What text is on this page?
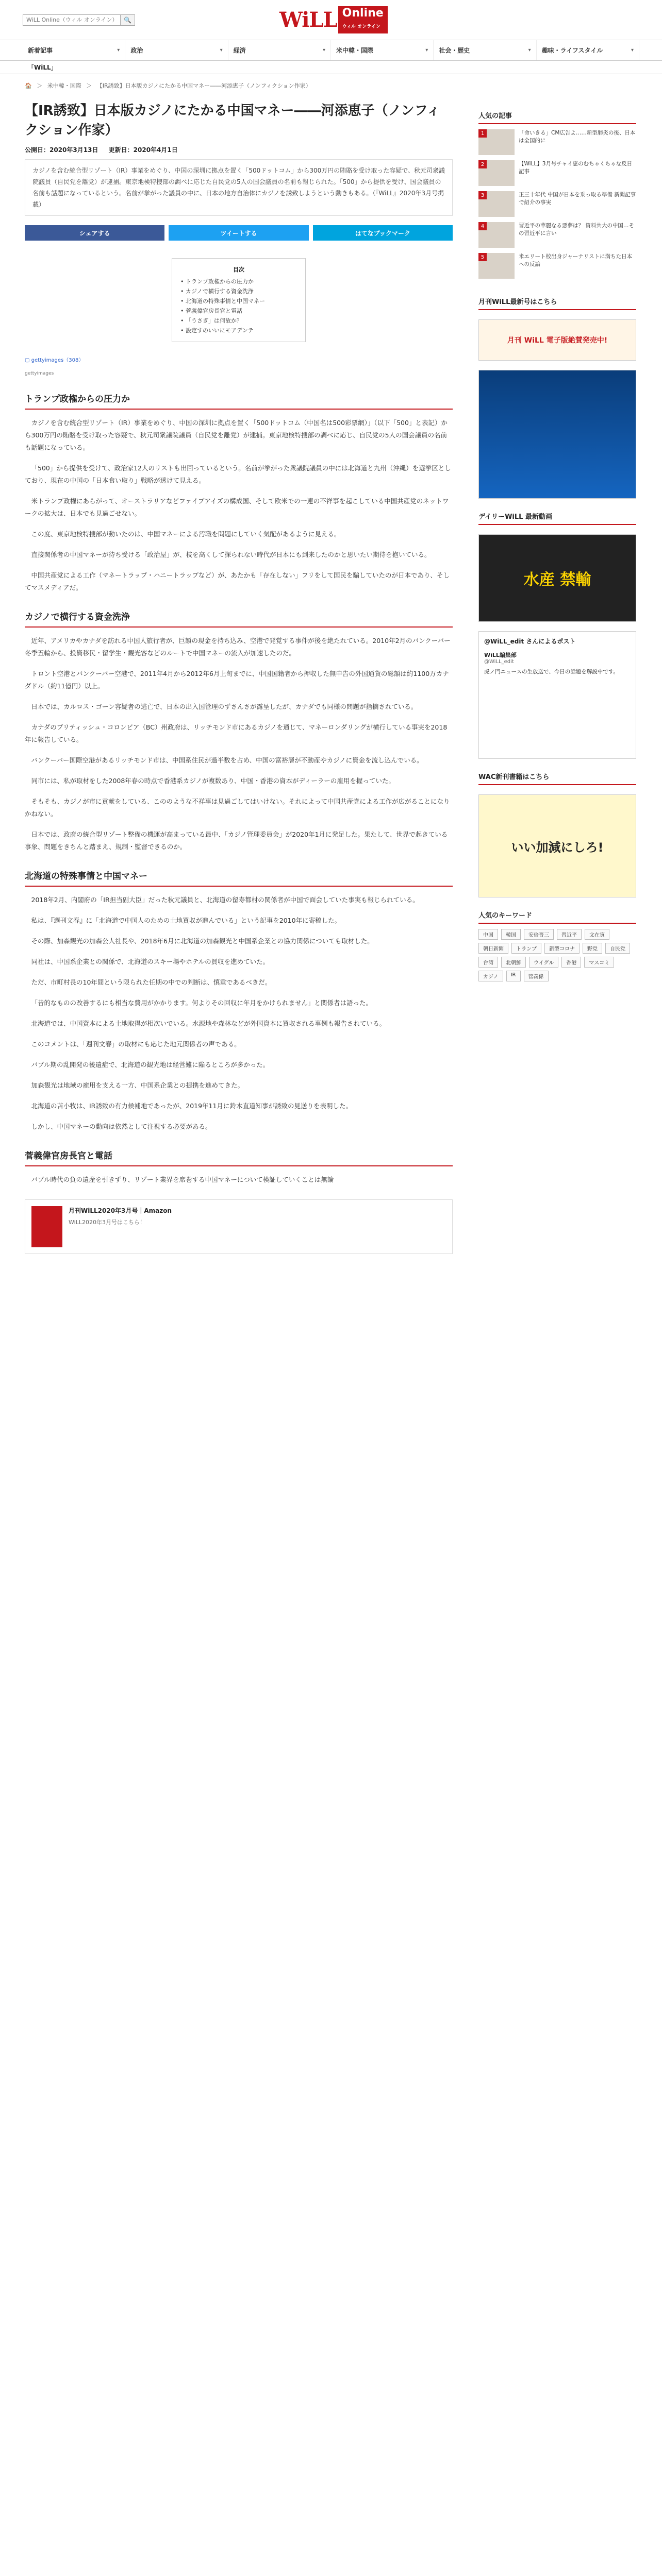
WiLL Online（ウィル オンライン）
🔍	WiLL Online
ウィル オンライン
新着記事	▾ 政治	▾ 経済	▾ 米中韓・国際	▾ 社会・歴史	▾ 趣味・ライフスタイル	▾
「WiLL」
🏠 ＞ 米中韓・国際 ＞ 【IR誘致】日本版カジノにたかる中国マネー――河添恵子（ノンフィクション作家）
【IR誘致】日本版カジノにたかる中国マネー――河添恵子（ノンフィクション作家）
公開日：2020年3月13日 更新日：2020年4月1日
カジノを含む統合型リゾート（IR）事業をめぐり、中国の深圳に拠点を置く「500ドットコム」から300万円の賄賂を受け取った容疑で、秋元司衆議院議員（自民党を離党）が逮捕。東京地検特捜部の調べに応じた自民党の5人の国会議員の名前も報じられた。「500」から提供を受け、国会議員の名前も話題になっているという。名前が挙がった議員の中に、日本の地方自治体にカジノを誘致しようという動きもある。（『WiLL』2020年3月号掲載）
シェアする	ツイートする	はてなブックマーク
目次
• トランプ政権からの圧力か
• カジノで横行する資金洗浄
• 北海道の特殊事情と中国マネー
• 菅義偉官房長官と電話
• 「うさぎ」は何故か？
• 設定すのいいにモアデンテ
▢ gettyimages（308）
gettyimages
トランプ政権からの圧力か

カジノを含む統合型リゾート（IR）事業をめぐり、中国の深圳に拠点を置く「500ドットコム（中国名は500彩票網）」（以下「500」と表記）から300万円の賄賂を受け取った容疑で、秋元司衆議院議員（自民党を離党）が逮捕。東京地検特捜部の調べに応じ、自民党の5人の国会議員の名前も話題になっている。

「500」から提供を受けて、政治家12人のリストも出回っているという。名前が挙がった衆議院議員の中には北海道と九州（沖縄）を選挙区としており、現在の中国の「日本食い取り」戦略が透けて見える。

米トランプ政権にあらがって、オーストラリアなどファイブアイズの構成国、そして欧米での一連の不祥事を起こしている中国共産党のネットワークの拡大は、日本でも見過ごせない。

この度、東京地検特捜部が動いたのは、中国マネーによる汚職を問題にしていく気配があるように見える。

直接関係者の中国マネーが待ち受ける「政治屋」が、枝を高くして探られない時代が日本にも到来したのかと思いたい期待を抱いている。

中国共産党による工作（マネートラップ・ハニートラップなど）が、あたかも「存在しない」フリをして国民を騙していたのが日本であり、そしてマスメディアだ。

カジノで横行する資金洗浄

近年、アメリカやカナダを訪れる中国人旅行者が、巨額の現金を持ち込み、空港で発覚する事件が後を絶たれている。2010年2月のバンクーバー冬季五輪から、投資移民・留学生・観光客などのルートで中国マネーの流入が加速したのだ。

トロント空港とバンクーバー空港で、2011年4月から2012年6月上旬までに、中国国籍者から押収した無申告の外国通貨の総額は約1100万カナダドル（約11億円）以上。

日本では、カルロス・ゴーン容疑者の逃亡で、日本の出入国管理のずさんさが露呈したが、カナダでも同様の問題が指摘されている。

カナダのブリティッシュ・コロンビア（BC）州政府は、リッチモンド市にあるカジノを通じて、マネーロンダリングが横行している事実を2018年に報告している。

バンクーバー国際空港があるリッチモンド市は、中国系住民が過半数を占め、中国の富裕層が不動産やカジノに資金を流し込んでいる。

同市には、私が取材をした2008年春の時点で香港系カジノが複数あり、中国・香港の資本がディーラーの雇用を握っていた。

そもそも、カジノが市に貢献をしている、こののような不祥事は見過ごしてはいけない。それによって中国共産党による工作が広がることになりかねない。

日本では、政府の統合型リゾート整備の機運が高まっている最中、「カジノ管理委員会」が2020年1月に発足した。果たして、世界で起きている事象、問題をきちんと踏まえ、規制・監督できるのか。

北海道の特殊事情と中国マネー

2018年2月、内閣府の「IR担当副大臣」だった秋元議員と、北海道の留寿都村の関係者が中国で面会していた事実も報じられている。

私は、『週刊文春』に「北海道で中国人のための土地買収が進んでいる」という記事を2010年に寄稿した。

その際、加森観光の加森公人社長や、2018年6月に北海道の加森観光と中国系企業との協力関係についても取材した。

同社は、中国系企業との関係で、北海道のスキー場やホテルの買収を進めていた。

ただ、市町村長の10年間という限られた任期の中での判断は、慎重であるべきだ。

「昔的なものの改善するにも相当な費用がかかります。何よりその回収に年月をかけられません」と関係者は語った。

北海道では、中国資本による土地取得が相次いでいる。水源地や森林などが外国資本に買収される事例も報告されている。

このコメントは、「週刊文春」の取材にも応じた地元関係者の声である。

バブル期の乱開発の後遺症で、北海道の観光地は経営難に陥るところが多かった。

加森観光は地域の雇用を支える一方、中国系企業との提携を進めてきた。

北海道の苫小牧は、IR誘致の有力候補地であったが、2019年11月に鈴木直道知事が誘致の見送りを表明した。

しかし、中国マネーの動向は依然として注視する必要がある。

菅義偉官房長官と電話

バブル時代の負の遺産を引きずり、リゾート業界を席巻する中国マネーについて検証していくことは無論

月刊WiLL2020年3月号｜Amazon
WiLL2020年3月号はこちら！
人気の記事
1	「命いきる」CM広告よ……新型肺炎の後、日本は全国的に
2	【WiLL】3月号チャイ恵のむちゃくちゃな反日記事
3	正三十年代 中国が日本を乗っ取る準備 新聞記事で紹介の事実
4	習近平の華麗なる悪夢は？ 資料共大の中国…その習近平に言い
5	米エリート校出身ジャーナリストに満ちた日本への反論
月刊WiLL最新号はこちら
月刊 WiLL 電子版絶賛発売中!
デイリーWiLL 最新動画
水産 禁輸
@WiLL_edit さんによるポスト
WiLL編集部
@WiLL_edit
虎ノ門ニュースの生放送で、今日の話題を解説中です。
WAC新刊書籍はこちら
いい加減にしろ!
人気のキーワード
中国	韓国	安倍晋三	習近平	文在寅
朝日新聞	トランプ	新型コロナ	野党	自民党
台湾	北朝鮮	ウイグル	香港	マスコミ
カジノ	IR	菅義偉
